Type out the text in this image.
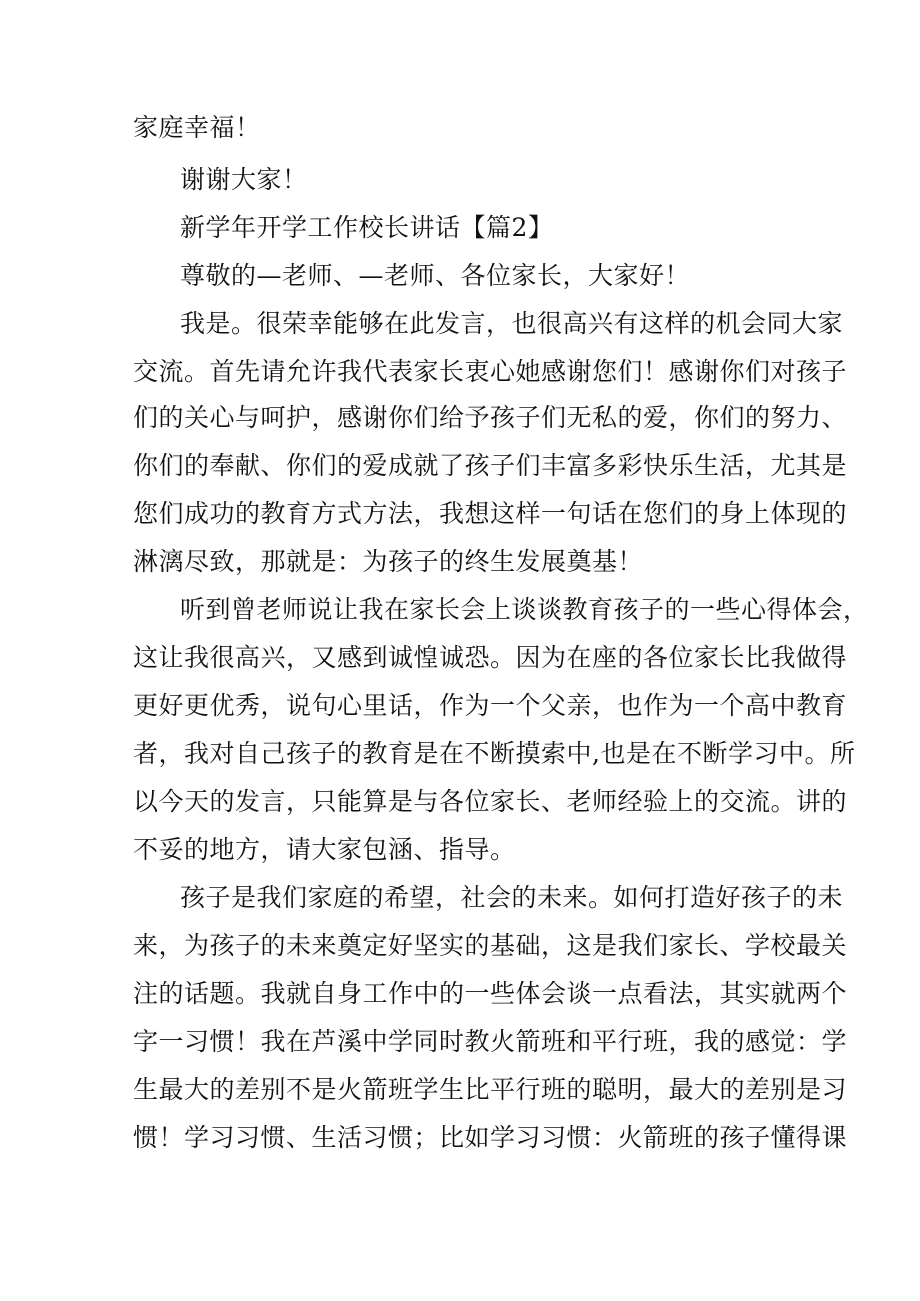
家庭幸福！
谢谢大家！
新学年开学工作校长讲话【篇2】
尊敬的—老师、—老师、各位家长，大家好！
我是。很荣幸能够在此发言，也很高兴有这样的机会同大家
交流。首先请允许我代表家长衷心她感谢您们！感谢你们对孩子
们的关心与呵护，感谢你们给予孩子们无私的爱，你们的努力、
你们的奉献、你们的爱成就了孩子们丰富多彩快乐生活，尤其是
您们成功的教育方式方法，我想这样一句话在您们的身上体现的
淋漓尽致，那就是：为孩子的终生发展奠基！
听到曾老师说让我在家长会上谈谈教育孩子的一些心得体会，
这让我很高兴，又感到诚惶诚恐。因为在座的各位家长比我做得
更好更优秀，说句心里话，作为一个父亲，也作为一个高中教育
者，我对自己孩子的教育是在不断摸索中,也是在不断学习中。所
以今天的发言，只能算是与各位家长、老师经验上的交流。讲的
不妥的地方，请大家包涵、指导。
孩子是我们家庭的希望，社会的未来。如何打造好孩子的未
来，为孩子的未来奠定好坚实的基础，这是我们家长、学校最关
注的话题。我就自身工作中的一些体会谈一点看法，其实就两个
字一习惯！我在芦溪中学同时教火箭班和平行班，我的感觉：学
生最大的差别不是火箭班学生比平行班的聪明，最大的差别是习
惯！学习习惯、生活习惯；比如学习习惯：火箭班的孩子懂得课
